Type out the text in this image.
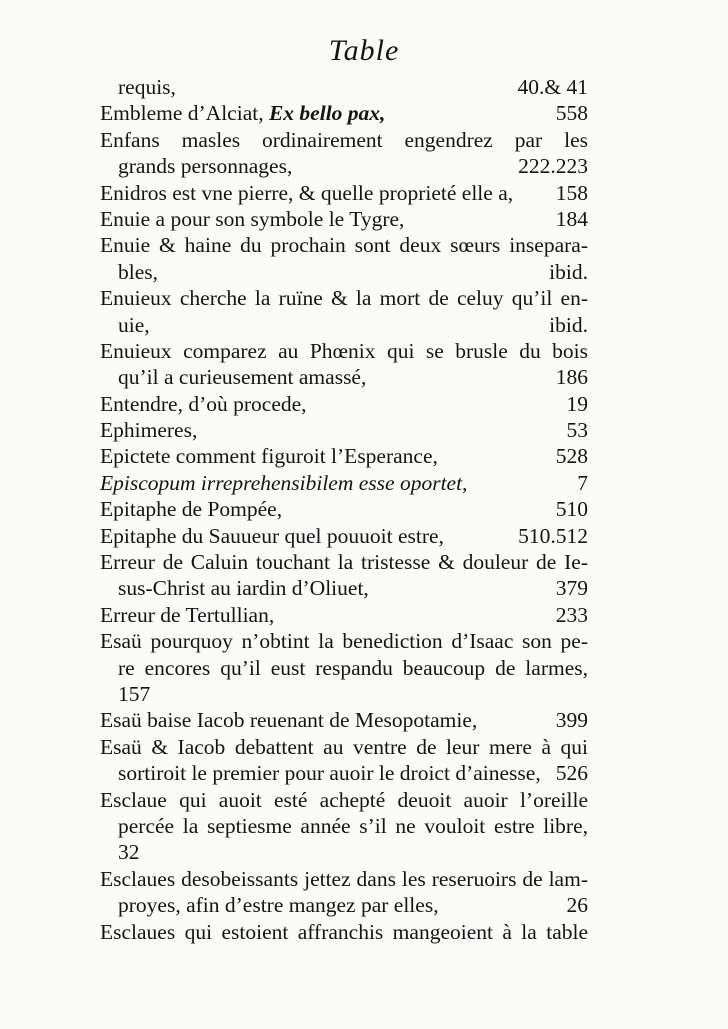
Table
requis,	40.& 41
Embleme d’Alciat, Ex bello pax,	558
Enfans masles ordinairement engendrez par les
grands personnages,	222.223
Enidros est vne pierre, & quelle proprieté elle a,	158
Enuie a pour son symbole le Tygre,	184
Enuie & haine du prochain sont deux sœurs insepara-
bles,	ibid.
Enuieux cherche la ruïne & la mort de celuy qu’il en-
uie,	ibid.
Enuieux comparez au Phœnix qui se brusle du bois
qu’il a curieusement amassé,	186
Entendre, d’où procede,	19
Ephimeres,	53
Epictete comment figuroit l’Esperance,	528
Episcopum irreprehensibilem esse oportet,	7
Epitaphe de Pompée,	510
Epitaphe du Sauueur quel pouuoit estre,	510.512
Erreur de Caluin touchant la tristesse & douleur de Ie-
sus-Christ au iardin d’Oliuet,	379
Erreur de Tertullian,	233
Esaü pourquoy n’obtint la benediction d’Isaac son pe-
re encores qu’il eust respandu beaucoup de larmes,
157
Esaü baise Iacob reuenant de Mesopotamie,	399
Esaü & Iacob debattent au ventre de leur mere à qui
sortiroit le premier pour auoir le droict d’ainesse, 526
Esclaue qui auoit esté achepté deuoit auoir l’oreille
percée la septiesme année s’il ne vouloit estre libre,
32
Esclaues desobeissants jettez dans les reseruoirs de lam-
proyes, afin d’estre mangez par elles,	26
Esclaues qui estoient affranchis mangeoient à la table
